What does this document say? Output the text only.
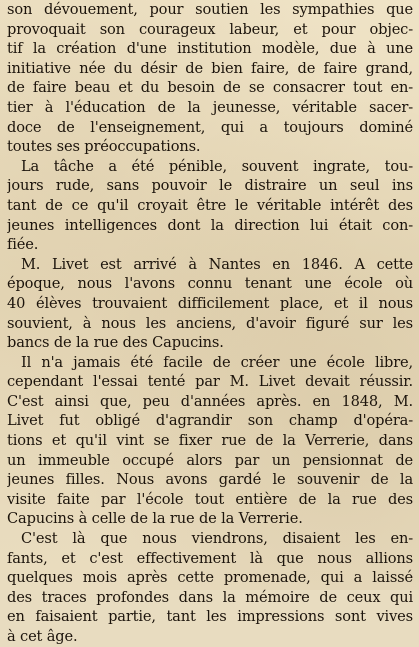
son dévouement, pour soutien les sympathies que
provoquait son courageux labeur, et pour objec-
tif la création d'une institution modèle, due à une
initiative née du désir de bien faire, de faire grand,
de faire beau et du besoin de se consacrer tout en-
tier à l'éducation de la jeunesse, véritable sacer-
doce de l'enseignement, qui a toujours dominé
toutes ses préoccupations.
La tâche a été pénible, souvent ingrate, tou-
jours rude, sans pouvoir le distraire un seul ins
tant de ce qu'il croyait être le véritable intérêt des
jeunes intelligences dont la direction lui était con-
fiée.
M. Livet est arrivé à Nantes en 1846. A cette
époque, nous l'avons connu tenant une école où
40 élèves trouvaient difficilement place, et il nous
souvient, à nous les anciens, d'avoir figuré sur les
bancs de la rue des Capucins.
Il n'a jamais été facile de créer une école libre,
cependant l'essai tenté par M. Livet devait réussir.
C'est ainsi que, peu d'années après. en 1848, M.
Livet fut obligé d'agrandir son champ d'opéra-
tions et qu'il vint se fixer rue de la Verrerie, dans
un immeuble occupé alors par un pensionnat de
jeunes filles. Nous avons gardé le souvenir de la
visite faite par l'école tout entière de la rue des
Capucins à celle de la rue de la Verrerie.
C'est là que nous viendrons, disaient les en-
fants, et c'est effectivement là que nous allions
quelques mois après cette promenade, qui a laissé
des traces profondes dans la mémoire de ceux qui
en faisaient partie, tant les impressions sont vives
à cet âge.
